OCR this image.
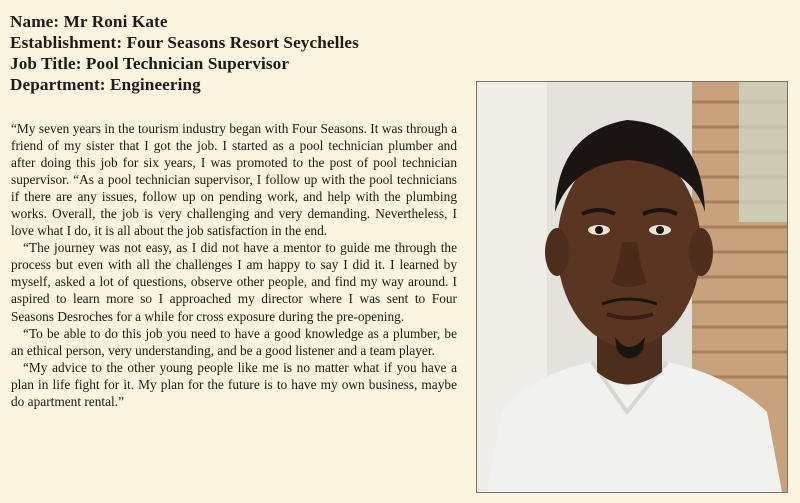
Name: Mr Roni Kate
Establishment: Four Seasons Resort Seychelles
Job Title: Pool Technician Supervisor
Department: Engineering

“My seven years in the tourism industry began with Four Seasons. It was through a friend of my sister that I got the job. I started as a pool technician plumber and after doing this job for six years, I was promoted to the post of pool technician supervisor. “As a pool technician supervisor, I follow up with the pool technicians if there are any issues, follow up on pending work, and help with the plumbing works. Overall, the job is very challenging and very demanding. Nevertheless, I love what I do, it is all about the job satisfaction in the end.

“The journey was not easy, as I did not have a mentor to guide me through the process but even with all the challenges I am happy to say I did it. I learned by myself, asked a lot of questions, observe other people, and find my way around. I aspired to learn more so I approached my director where I was sent to Four Seasons Desroches for a while for cross exposure during the pre-opening.

“To be able to do this job you need to have a good knowledge as a plumber, be an ethical person, very understanding, and be a good listener and a team player.

“My advice to the other young people like me is no matter what if you have a plan in life fight for it. My plan for the future is to have my own business, maybe do apartment rental.”
